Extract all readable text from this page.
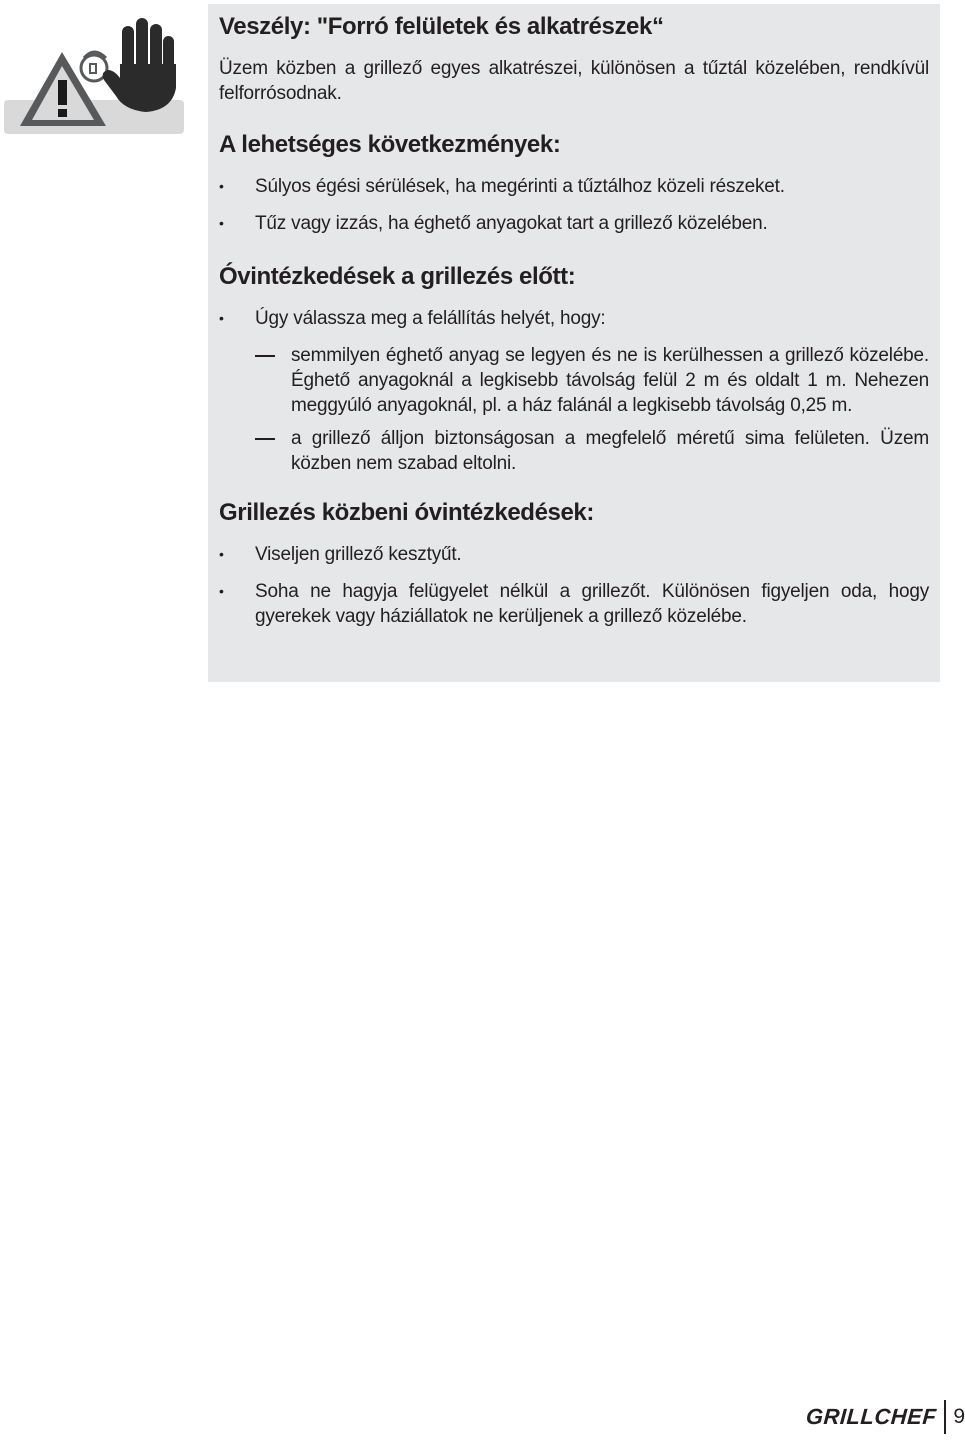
Veszély: "Forró felületek és alkatrészek“

Üzem közben a grillező egyes alkatrészei, különösen a tűztál közelében, rendkívül felforrósodnak.

A lehetséges következmények:
• Súlyos égési sérülések, ha megérinti a tűztálhoz közeli részeket.
• Tűz vagy izzás, ha éghető anyagokat tart a grillező közelében.
Óvintézkedések a grillezés előtt:
• Úgy válassza meg a felállítás helyét, hogy:
semmilyen éghető anyag se legyen és ne is kerülhessen a grillező közelébe. Éghető anyagoknál a legkisebb távolság felül 2 m és oldalt 1 m. Nehezen meggyúló anyagoknál, pl. a ház falánál a legkisebb távolság 0,25 m.
a grillező álljon biztonságosan a megfelelő méretű sima felületen. Üzem közben nem szabad eltolni.
Grillezés közbeni óvintézkedések:
• Viseljen grillező kesztyűt.
• Soha ne hagyja felügyelet nélkül a grillezőt. Különösen figyeljen oda, hogy gyerekek vagy háziállatok ne kerüljenek a grillező közelébe.
GRILLCHEF 9
